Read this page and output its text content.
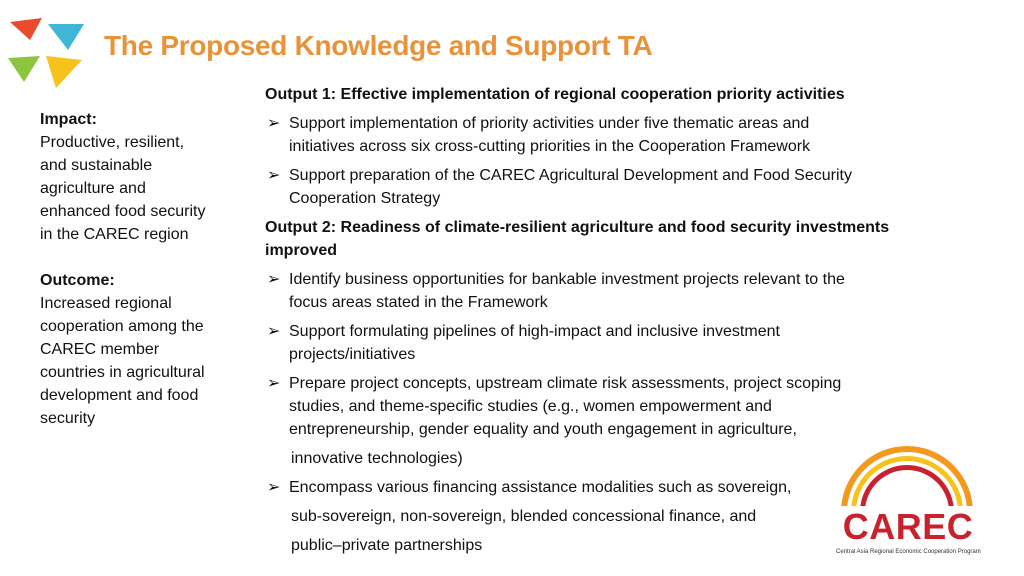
The Proposed Knowledge and Support TA
Impact:
Productive, resilient,
and sustainable
agriculture and
enhanced food security
in the CAREC region
Outcome:
Increased regional
cooperation among the
CAREC member
countries in agricultural
development and food
security
Output 1: Effective implementation of regional cooperation priority activities
➢ Support implementation of priority activities under five thematic areas and
initiatives across six cross-cutting priorities in the Cooperation Framework
➢ Support preparation of the CAREC Agricultural Development and Food Security
Cooperation Strategy
Output 2: Readiness of climate-resilient agriculture and food security investments
improved
➢ Identify business opportunities for bankable investment projects relevant to the
focus areas stated in the Framework
➢ Support formulating pipelines of high-impact and inclusive investment
projects/initiatives
➢ Prepare project concepts, upstream climate risk assessments, project scoping
studies, and theme-specific studies (e.g., women empowerment and
entrepreneurship, gender equality and youth engagement in agriculture,
innovative technologies)
➢ Encompass various financing assistance modalities such as sovereign,
sub-sovereign, non-sovereign, blended concessional finance, and
public–private partnerships	CAREC
Central Asia Regional Economic Cooperation Program
